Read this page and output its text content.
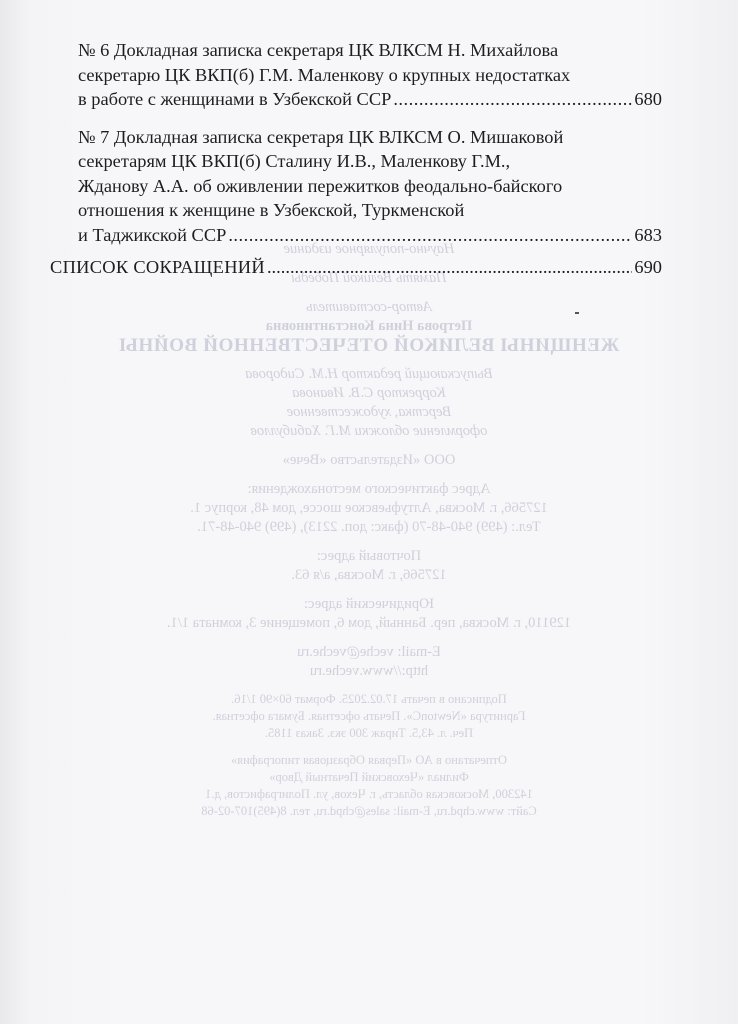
Научно-популярное издание
Память Великой Победы
Автор-составитель
Петрова Нина Константиновна
ЖЕНЩИНЫ ВЕЛИКОЙ ОТЕЧЕСТВЕННОЙ ВОЙНЫ
Выпускающий редактор Н.М. Сидорова
Корректор С.В. Иванова
Верстка, художественное
оформление обложки М.Г. Хабибуллов
ООО «Издательство «Вече»
Адрес фактического местонахождения:
127566, г. Москва, Алтуфьевское шоссе, дом 48, корпус 1.
Тел.: (499) 940-48-70 (факс: доп. 2213), (499) 940-48-71.
Почтовый адрес:
127566, г. Москва, а/я 63.
Юридический адрес:
129110, г. Москва, пер. Банный, дом 6, помещение 3, комната 1/1.
E-mail: veche@veche.ru
http://www.veche.ru
Подписано в печать 17.02.2025. Формат 60×90 1/16.
Гарнитура «NewtonC». Печать офсетная. Бумага офсетная.
Печ. л. 43,5. Тираж 300 экз. Заказ 1185.
Отпечатано в АО «Первая Образцовая типография»
Филиал «Чеховский Печатный Двор»
142300, Московская область, г. Чехов, ул. Полиграфистов, д.1
Сайт: www.chpd.ru, E-mail: sales@chpd.ru, тел. 8(495)107-02-68
№ 6 Докладная записка секретаря ЦК ВЛКСМ Н. Михайлова
секретарю ЦК ВКП(б) Г.М. Маленкову о крупных недостатках
в работе с женщинами в Узбекской ССР .....	680
№ 7 Докладная записка секретаря ЦК ВЛКСМ О. Мишаковой
секретарям ЦК ВКП(б) Сталину И.В., Маленкову Г.М.,
Жданову А.А. об оживлении пережитков феодально-байского
отношения к женщине в Узбекской, Туркменской
и Таджикской ССР .....	683
СПИСОК СОКРАЩЕНИЙ .....	690
